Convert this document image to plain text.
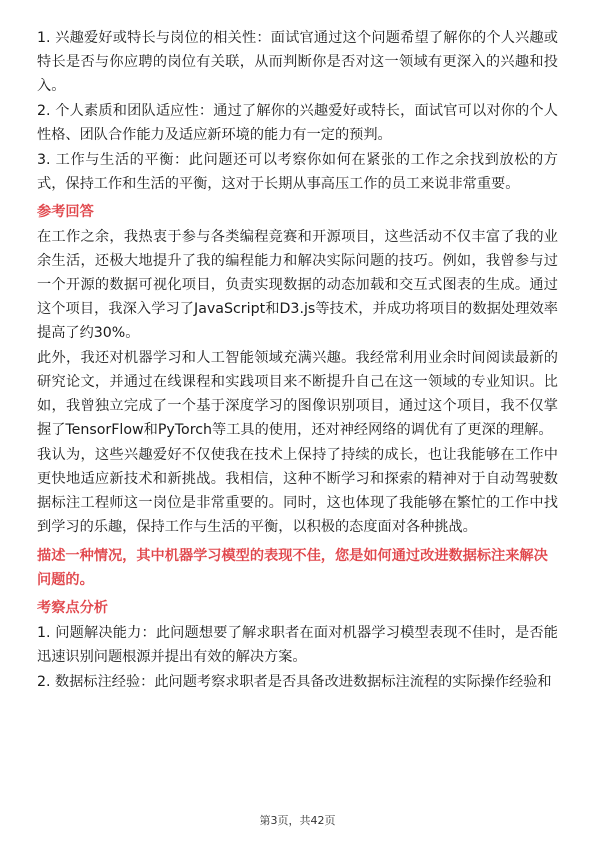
1. 兴趣爱好或特长与岗位的相关性：面试官通过这个问题希望了解你的个人兴趣或特长是否与你应聘的岗位有关联，从而判断你是否对这一领域有更深入的兴趣和投入。

2. 个人素质和团队适应性：通过了解你的兴趣爱好或特长，面试官可以对你的个人性格、团队合作能力及适应新环境的能力有一定的预判。

3. 工作与生活的平衡：此问题还可以考察你如何在紧张的工作之余找到放松的方式，保持工作和生活的平衡，这对于长期从事高压工作的员工来说非常重要。

参考回答

在工作之余，我热衷于参与各类编程竞赛和开源项目，这些活动不仅丰富了我的业余生活，还极大地提升了我的编程能力和解决实际问题的技巧。例如，我曾参与过一个开源的数据可视化项目，负责实现数据的动态加载和交互式图表的生成。通过这个项目，我深入学习了JavaScript和D3.js等技术，并成功将项目的数据处理效率提高了约30%。

此外，我还对机器学习和人工智能领域充满兴趣。我经常利用业余时间阅读最新的研究论文，并通过在线课程和实践项目来不断提升自己在这一领域的专业知识。比如，我曾独立完成了一个基于深度学习的图像识别项目，通过这个项目，我不仅掌握了TensorFlow和PyTorch等工具的使用，还对神经网络的调优有了更深的理解。

我认为，这些兴趣爱好不仅使我在技术上保持了持续的成长，也让我能够在工作中更快地适应新技术和新挑战。我相信，这种不断学习和探索的精神对于自动驾驶数据标注工程师这一岗位是非常重要的。同时，这也体现了我能够在繁忙的工作中找到学习的乐趣，保持工作与生活的平衡，以积极的态度面对各种挑战。

描述一种情况，其中机器学习模型的表现不佳，您是如何通过改进数据标注来解决问题的。
考察点分析

1. 问题解决能力：此问题想要了解求职者在面对机器学习模型表现不佳时，是否能迅速识别问题根源并提出有效的解决方案。

2. 数据标注经验：此问题考察求职者是否具备改进数据标注流程的实际操作经验和

第3页，共42页
